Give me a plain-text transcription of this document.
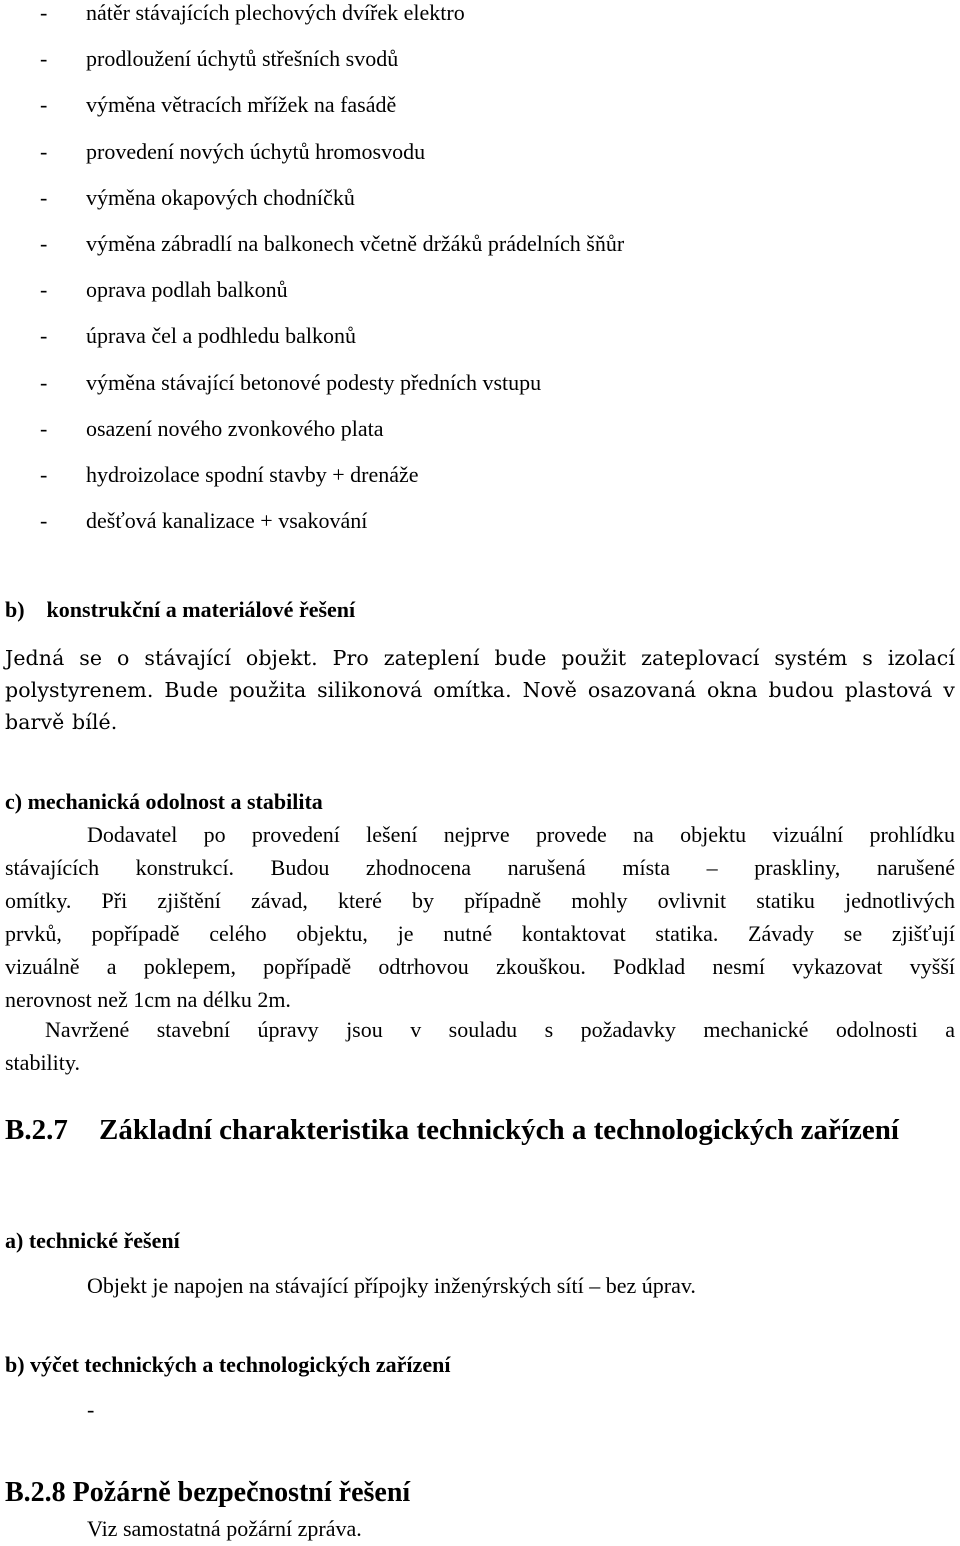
- nátěr stávajících plechových dvířek elektro
- prodloužení úchytů střešních svodů
- výměna větracích mřížek na fasádě
- provedení nových úchytů hromosvodu
- výměna okapových chodníčků
- výměna zábradlí na balkonech včetně držáků prádelních šňůr
- oprava podlah balkonů
- úprava čel a podhledu balkonů
- výměna stávající betonové podesty předních vstupu
- osazení nového zvonkového plata
- hydroizolace spodní stavby + drenáže
- dešťová kanalizace + vsakování
b) konstrukční a materiálové řešení
Jedná se o stávající objekt. Pro zateplení bude použit zateplovací systém s izolací polystyrenem. Bude použita silikonová omítka. Nově osazovaná okna budou plastová v barvě bílé.
c) mechanická odolnost a stabilita
Dodavatel po provedení lešení nejprve provede na objektu vizuální prohlídku
stávajících konstrukcí. Budou zhodnocena narušená místa – praskliny, narušené
omítky. Při zjištění závad, které by případně mohly ovlivnit statiku jednotlivých
prvků, popřípadě celého objektu, je nutné kontaktovat statika. Závady se zjišťují
vizuálně a poklepem, popřípadě odtrhovou zkouškou. Podklad nesmí vykazovat vyšší
nerovnost než 1cm na délku 2m.
Navržené stavební úpravy jsou v souladu s požadavky mechanické odolnosti a
stability.
B.2.7 Základní charakteristika technických a technologických zařízení
a) technické řešení
Objekt je napojen na stávající přípojky inženýrských sítí – bez úprav.
b) výčet technických a technologických zařízení
-
B.2.8 Požárně bezpečnostní řešení
Viz samostatná požární zpráva.
